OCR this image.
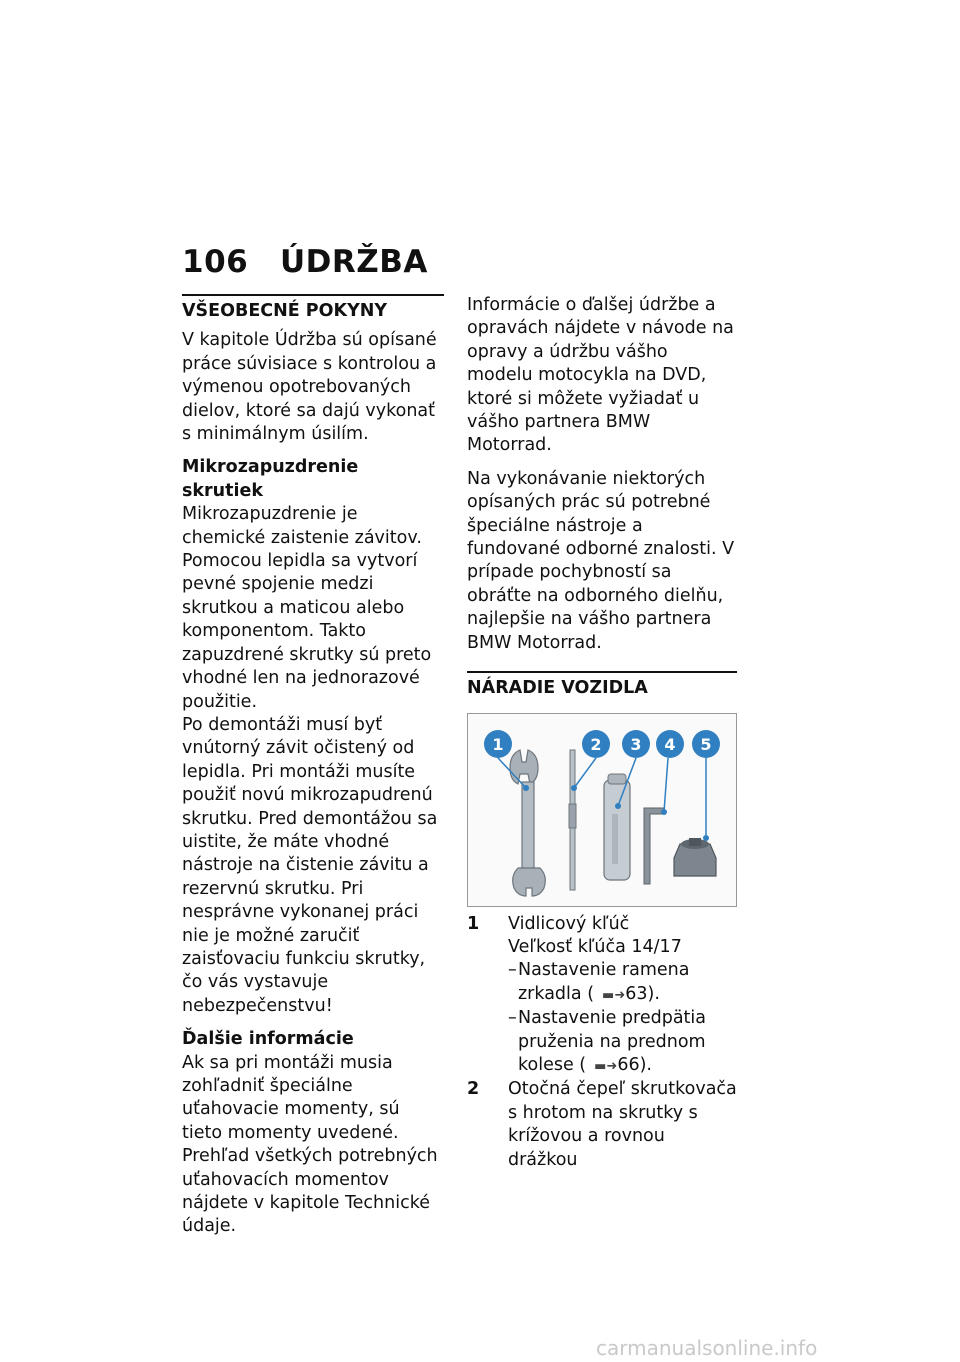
106 ÚDRŽBA
VŠEOBECNÉ POKYNY

V kapitole Údržba sú opísané práce súvisiace s kontrolou a výmenou opotrebovaných dielov, ktoré sa dajú vykonať s minimálnym úsilím.

Mikrozapuzdrenie skrutiek

Mikrozapuzdrenie je chemické zaistenie závitov. Pomocou lepidla sa vytvorí pevné spojenie medzi skrutkou a maticou alebo komponentom. Takto zapuzdrené skrutky sú preto vhodné len na jednorazové použitie.

Po demontáži musí byť vnútorný závit očistený od lepidla. Pri montáži musíte použiť novú mikrozapudrenú skrutku. Pred demontážou sa uistite, že máte vhodné nástroje na čistenie závitu a rezervnú skrutku. Pri nesprávne vykonanej práci nie je možné zaručiť zaisťovaciu funkciu skrutky, čo vás vystavuje nebezpečenstvu!

Ďalšie informácie

Ak sa pri montáži musia zohľadniť špeciálne uťahovacie momenty, sú tieto momenty uvedené. Prehľad všetkých potrebných uťahovacích momentov nájdete v kapitole Technické údaje.

Informácie o ďalšej údržbe a opravách nájdete v návode na opravy a údržbu vášho modelu motocykla na DVD, ktoré si môžete vyžiadať u vášho partnera BMW Motorrad.

Na vykonávanie niektorých opísaných prác sú potrebné špeciálne nástroje a fundované odborné znalosti. V prípade pochybností sa obráťte na odborného dielňu, najlepšie na vášho partnera BMW Motorrad.

NÁRADIE VOZIDLA
1	2 3 4 5
1	Vidlicový kľúč
Veľkosť kľúča 14/17
– Nastavenie ramena zrkadla ( ▬➜63).
– Nastavenie predpätia pruženia na prednom kolese ( ▬➜66).
2	Otočná čepeľ skrutkovača s hrotom na skrutky s krížovou a rovnou drážkou
carmanualsonline.info
